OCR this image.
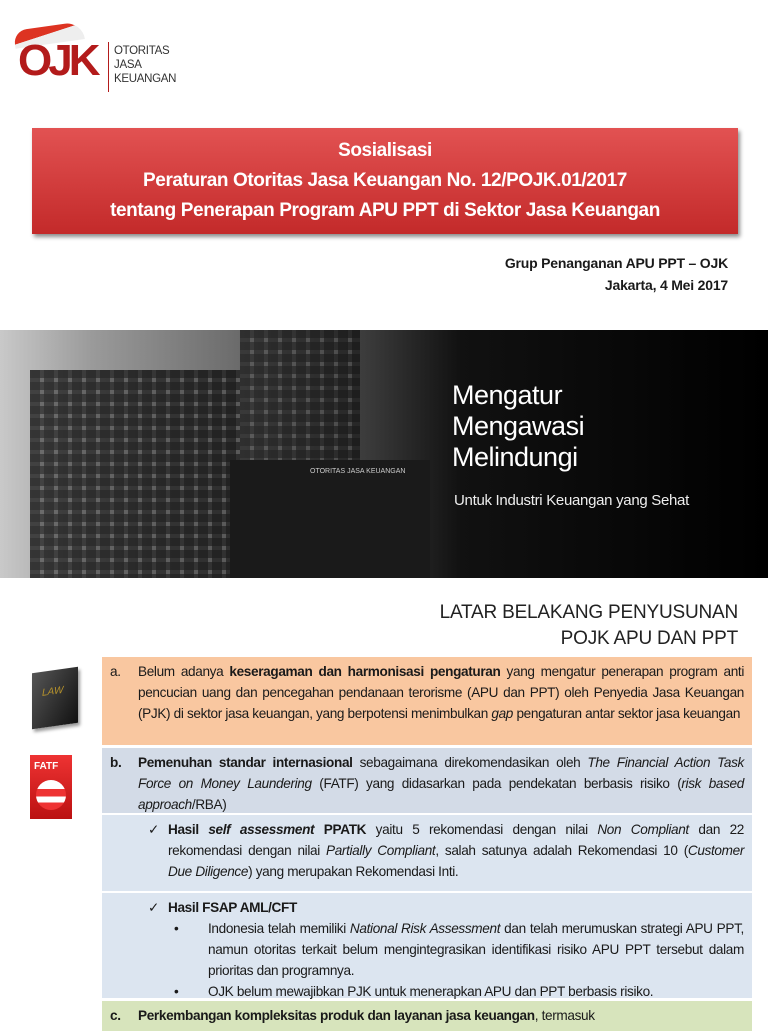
OJK OTORITAS
JASA
KEUANGAN
Sosialisasi
Peraturan Otoritas Jasa Keuangan No. 12/POJK.01/2017
tentang Penerapan Program APU PPT di Sektor Jasa Keuangan
Grup Penanganan APU PPT – OJK
Jakarta, 4 Mei 2017
OTORITAS JASA KEUANGAN
Mengatur
Mengawasi
Melindungi
Untuk Industri Keuangan yang Sehat
LATAR BELAKANG PENYUSUNAN
POJK APU DAN PPT
LAW
FATF
a. Belum adanya keseragaman dan harmonisasi pengaturan yang mengatur penerapan program anti pencucian uang dan pencegahan pendanaan terorisme (APU dan PPT) oleh Penyedia Jasa Keuangan (PJK) di sektor jasa keuangan, yang berpotensi menimbulkan gap pengaturan antar sektor jasa keuangan
b. Pemenuhan standar internasional sebagaimana direkomendasikan oleh The Financial Action Task Force on Money Laundering (FATF) yang didasarkan pada pendekatan berbasis risiko (risk based approach/RBA)
✓ Hasil self assessment PPATK yaitu 5 rekomendasi dengan nilai Non Compliant dan 22 rekomendasi dengan nilai Partially Compliant, salah satunya adalah Rekomendasi 10 (Customer Due Diligence) yang merupakan Rekomendasi Inti.
✓ Hasil FSAP AML/CFT
• Indonesia telah memiliki National Risk Assessment dan telah merumuskan strategi APU PPT, namun otoritas terkait belum mengintegrasikan identifikasi risiko APU PPT tersebut dalam prioritas dan programnya.
• OJK belum mewajibkan PJK untuk menerapkan APU dan PPT berbasis risiko.
c. Perkembangan kompleksitas produk dan layanan jasa keuangan, termasuk
